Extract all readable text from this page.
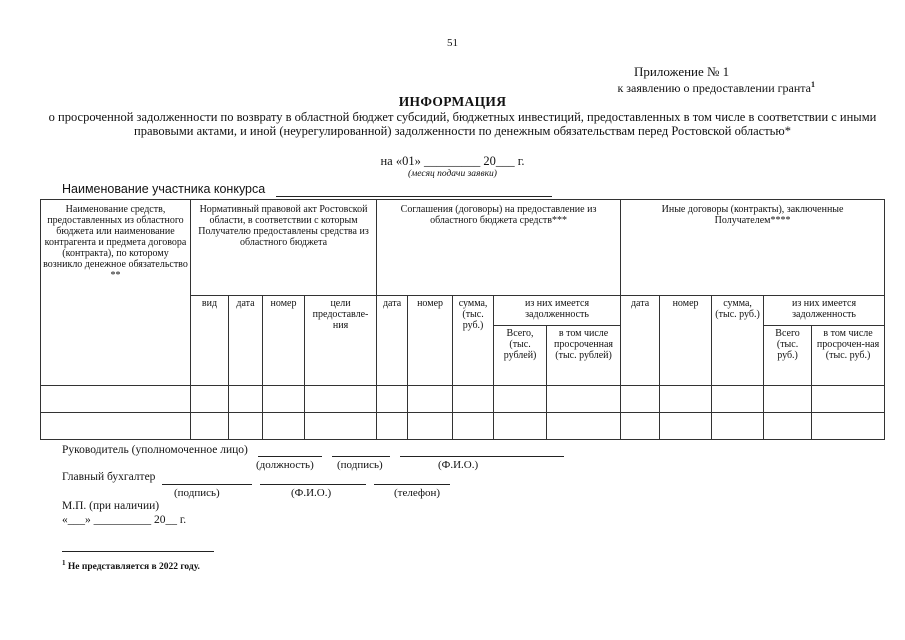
51
Приложение № 1
к заявлению о предоставлении гранта$^1$
ИНФОРМАЦИЯ
о просроченной задолженности по возврату в областной бюджет субсидий, бюджетных инвестиций, предоставленных в том числе в соответствии с иными правовыми актами, и иной (неурегулированной) задолженности по денежным обязательствам перед Ростовской областью*
на «01» _________ 20___ г.
(месяц подачи заявки)
Наименование участника конкурса
Наименование средств, предоставленных из областного бюджета или наименование контрагента и предмета договора (контракта), по которому возникло денежное обязательство **	Нормативный правовой акт Ростовской области, в соответствии с которым Получателю предоставлены средства из областного бюджета				Соглашения (договоры) на предоставление из областного бюджета средств***					Иные договоры (контракты), заключенные Получателем****				
	вид	дата	номер	цели предоставле-ния	дата	номер	сумма, (тыс. руб.)	из них имеется задолженность		дата	номер	сумма, (тыс. руб.)	из них имеется задолженность	
								Всего, (тыс. рублей)	в том числе просроченная (тыс. рублей)				Всего (тыс. руб.)	в том числе просрочен-ная (тыс. руб.)

Руководитель (уполномоченное лицо)
(должность) (подпись)	(Ф.И.О.)
Главный бухгалтер
(подпись)	(Ф.И.О.)	(телефон)
М.П. (при наличии)
«___» __________ 20__ г.
$^1$ Не представляется в 2022 году.
